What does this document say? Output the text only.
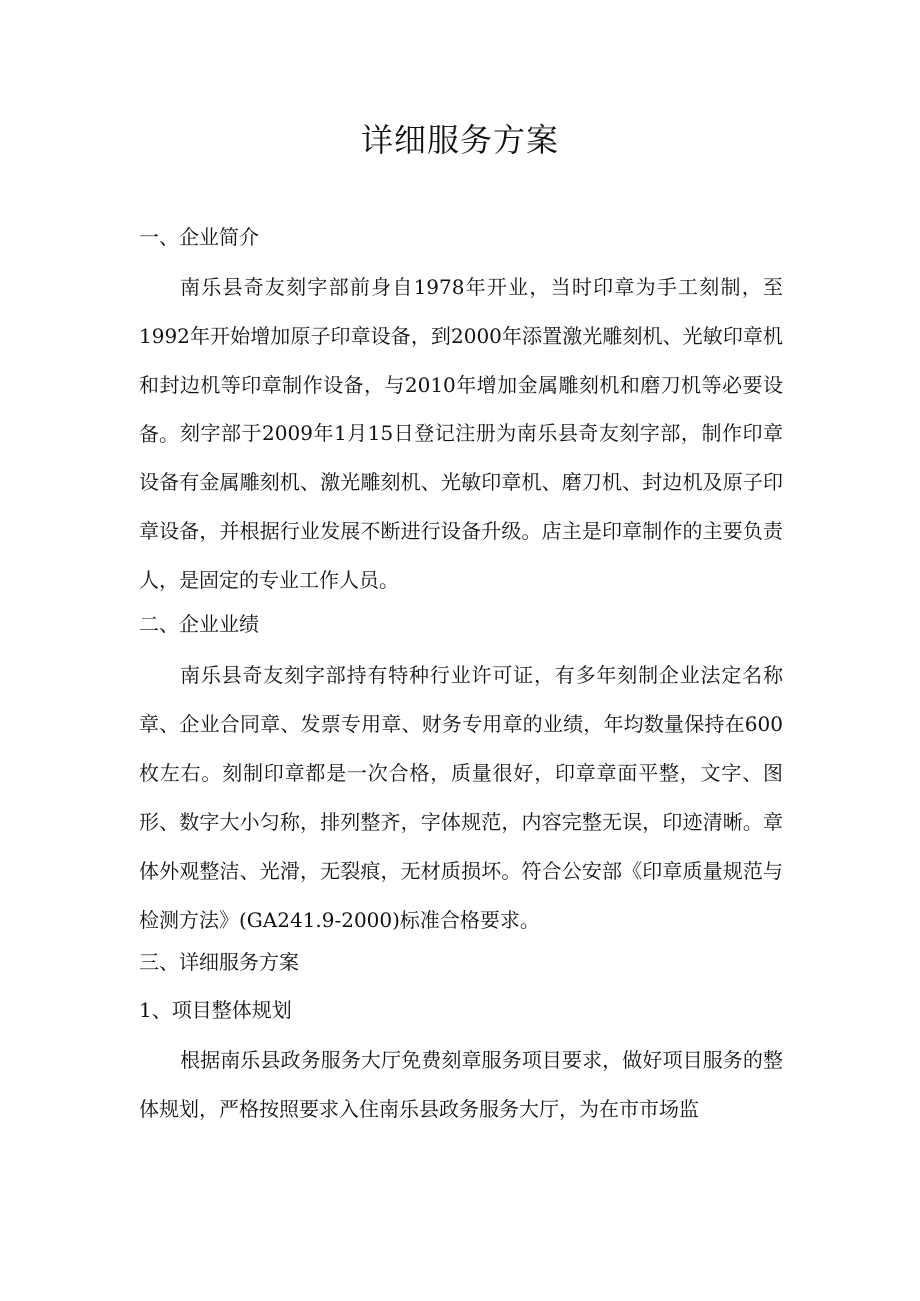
详细服务方案
一、企业简介

南乐县奇友刻字部前身自1978年开业，当时印章为手工刻制，至1992年开始增加原子印章设备，到2000年添置激光雕刻机、光敏印章机和封边机等印章制作设备，与2010年增加金属雕刻机和磨刀机等必要设备。 刻字部于2009年1月15日登记注册为南乐县奇友刻字部，制作印章设备有金属雕刻机、激光雕刻机、光敏印章机、磨刀机、封边机及原子印章设备，并根据行业发展不断进行设备升级。店主是印章制作的主要负责人，是固定的专业工作人员。

二、企业业绩

南乐县奇友刻字部持有特种行业许可证，有多年刻制企业法定名称章、企业合同章、发票专用章、财务专用章的业绩，年均数量保持在600枚左右。刻制印章都是一次合格，质量很好，印章章面平整，文字、图形、数字大小匀称，排列整齐，字体规范，内容完整无误，印迹清晰。章体外观整洁、光滑，无裂痕，无材质损坏。符合公安部《印章质量规范与检测方法》(GA241.9-2000)标准合格要求。

三、详细服务方案
1、项目整体规划

根据南乐县政务服务大厅免费刻章服务项目要求，做好项目服务的整体规划，严格按照要求入住南乐县政务服务大厅，为在市市场监
